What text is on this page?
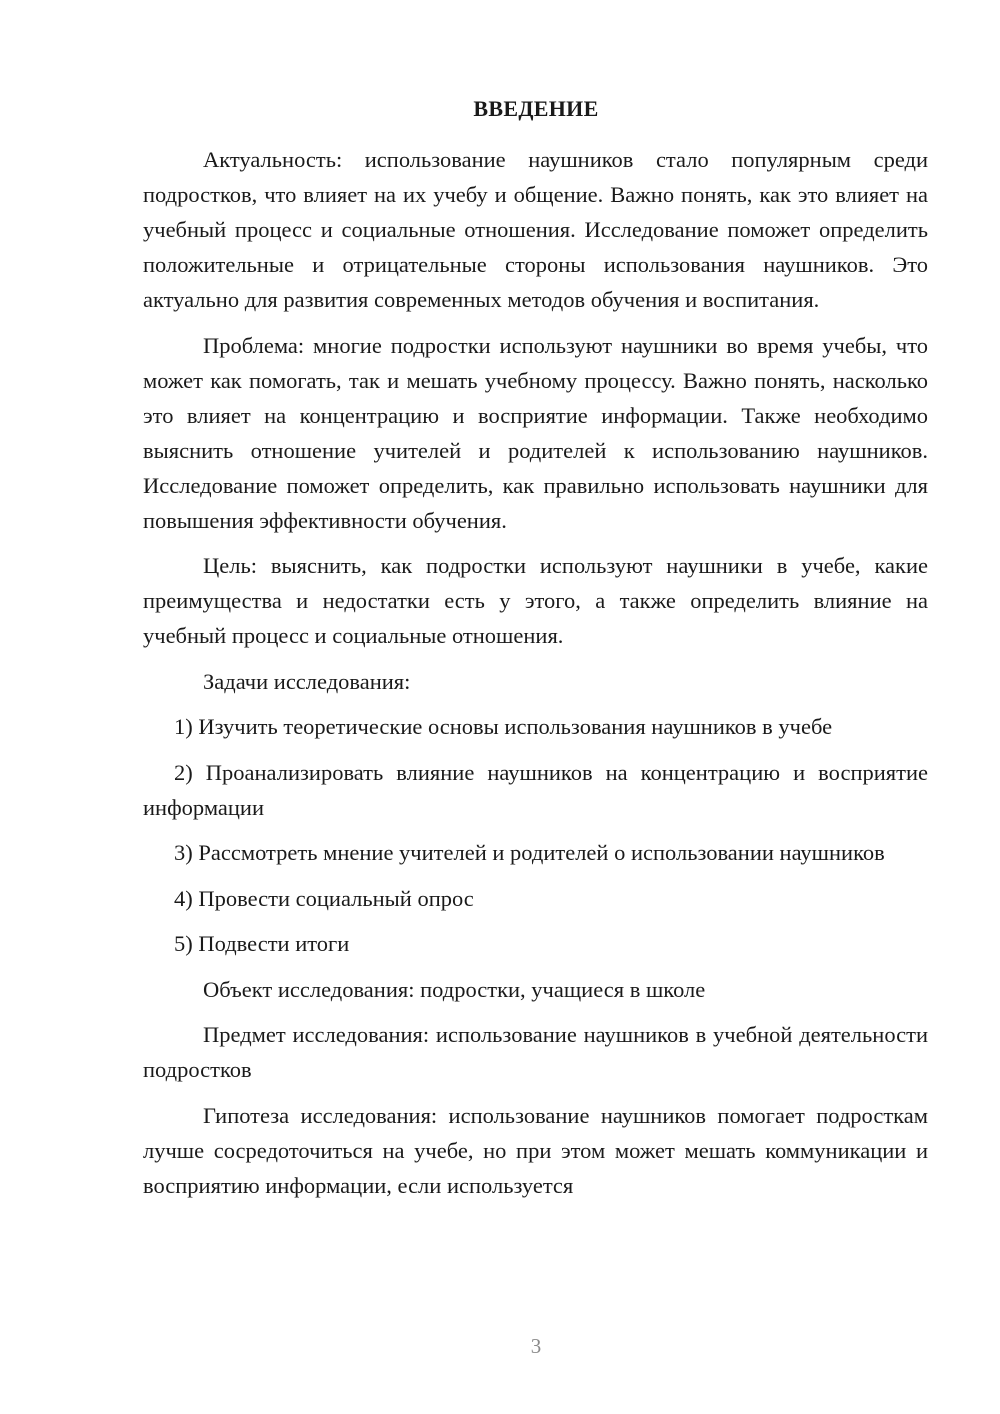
ВВЕДЕНИЕ

Актуальность: использование наушников стало популярным среди подростков, что влияет на их учебу и общение. Важно понять, как это влияет на учебный процесс и социальные отношения. Исследование поможет определить положительные и отрицательные стороны использования наушников. Это актуально для развития современных методов обучения и воспитания.

Проблема: многие подростки используют наушники во время учебы, что может как помогать, так и мешать учебному процессу. Важно понять, насколько это влияет на концентрацию и восприятие информации. Также необходимо выяснить отношение учителей и родителей к использованию наушников. Исследование поможет определить, как правильно использовать наушники для повышения эффективности обучения.

Цель: выяснить, как подростки используют наушники в учебе, какие преимущества и недостатки есть у этого, а также определить влияние на учебный процесс и социальные отношения.

Задачи исследования:

1) Изучить теоретические основы использования наушников в учебе

2) Проанализировать влияние наушников на концентрацию и восприятие информации

3) Рассмотреть мнение учителей и родителей о использовании наушников

4) Провести социальный опрос

5) Подвести итоги

Объект исследования: подростки, учащиеся в школе

Предмет исследования: использование наушников в учебной деятельности подростков

Гипотеза исследования: использование наушников помогает подросткам лучше сосредоточиться на учебе, но при этом может мешать коммуникации и восприятию информации, если используется

3
